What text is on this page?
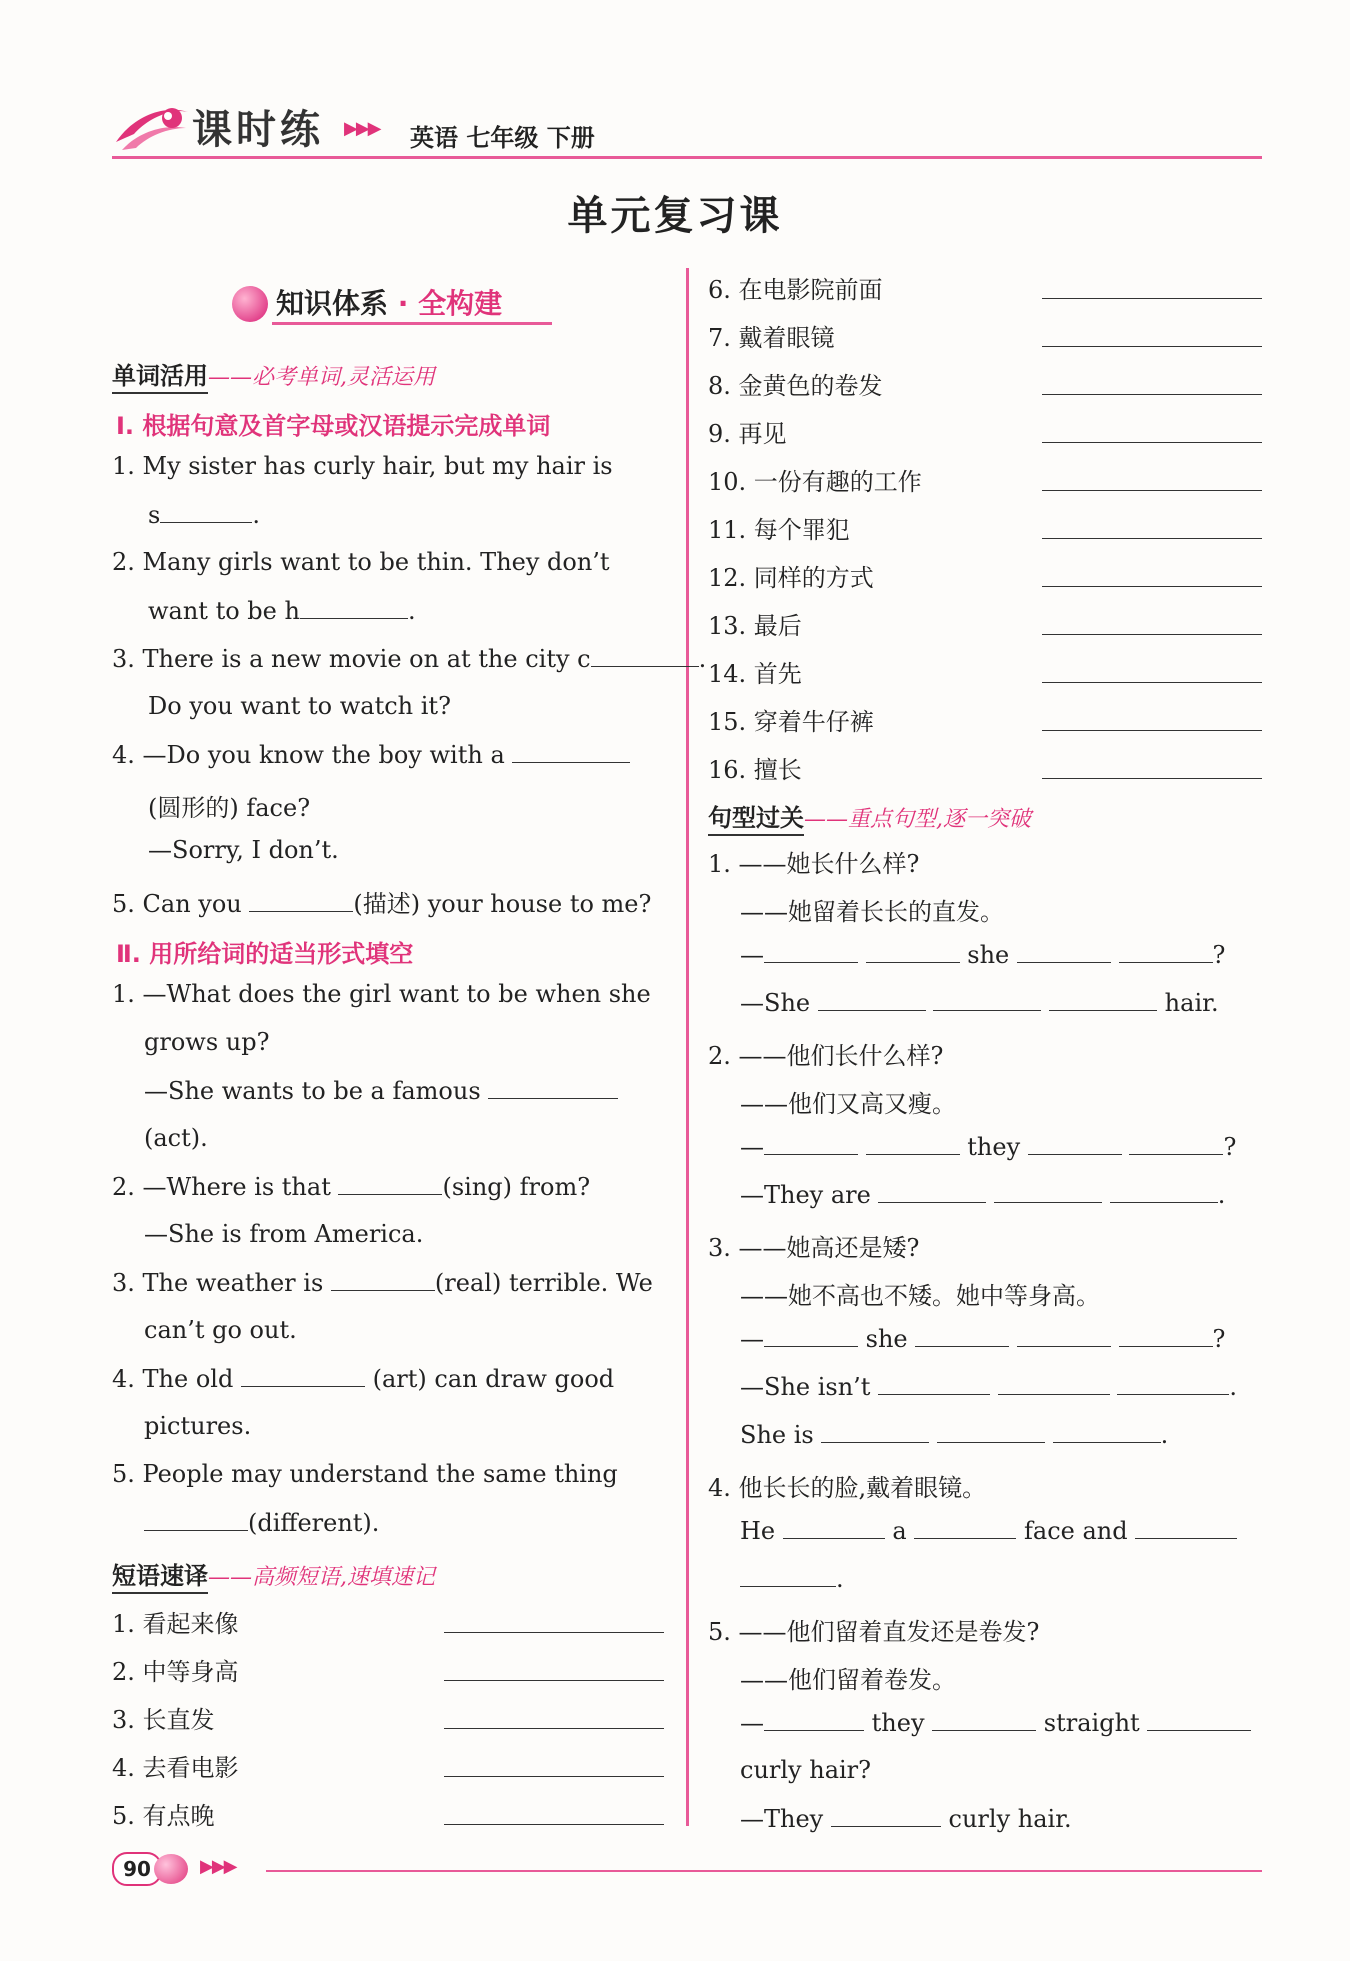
课时练 ▶▶▶ 英语 七年级 下册
单元复习课
知识体系 · 全构建
单词活用——必考单词,灵活运用
Ⅰ. 根据句意及首字母或汉语提示完成单词
1. My sister has curly hair, but my hair is
s	.
2. Many girls want to be thin. They don’t
want to be h	.
3. There is a new movie on at the city c	.
Do you want to watch it?
4. —Do you know the boy with a
(圆形的) face?
—Sorry, I don’t.
5. Can you	(描述) your house to me?
Ⅱ. 用所给词的适当形式填空
1. —What does the girl want to be when she
grows up?
—She wants to be a famous
(act).
2. —Where is that	(sing) from?
—She is from America.
3. The weather is	(real) terrible. We
can’t go out.
4. The old	(art) can draw good
pictures.
5. People may understand the same thing
(different).
短语速译——高频短语,速填速记
1. 看起来像
2. 中等身高
3. 长直发
4. 去看电影
5. 有点晚
6. 在电影院前面
7. 戴着眼镜
8. 金黄色的卷发
9. 再见
10. 一份有趣的工作
11. 每个罪犯
12. 同样的方式
13. 最后
14. 首先
15. 穿着牛仔裤
16. 擅长
句型过关——重点句型,逐一突破
1. ——她长什么样?
——她留着长长的直发。
—	she	?
—She	hair.
2. ——他们长什么样?
——他们又高又瘦。
—	they	?
—They are	.
3. ——她高还是矮?
——她不高也不矮。她中等身高。
—	she	?
—She isn’t	.
She is	.
4. 他长长的脸,戴着眼镜。
He	a	face and
.
5. ——他们留着直发还是卷发?
——他们留着卷发。
—	they	straight
curly hair?
—They	curly hair.
90	▶▶▶
